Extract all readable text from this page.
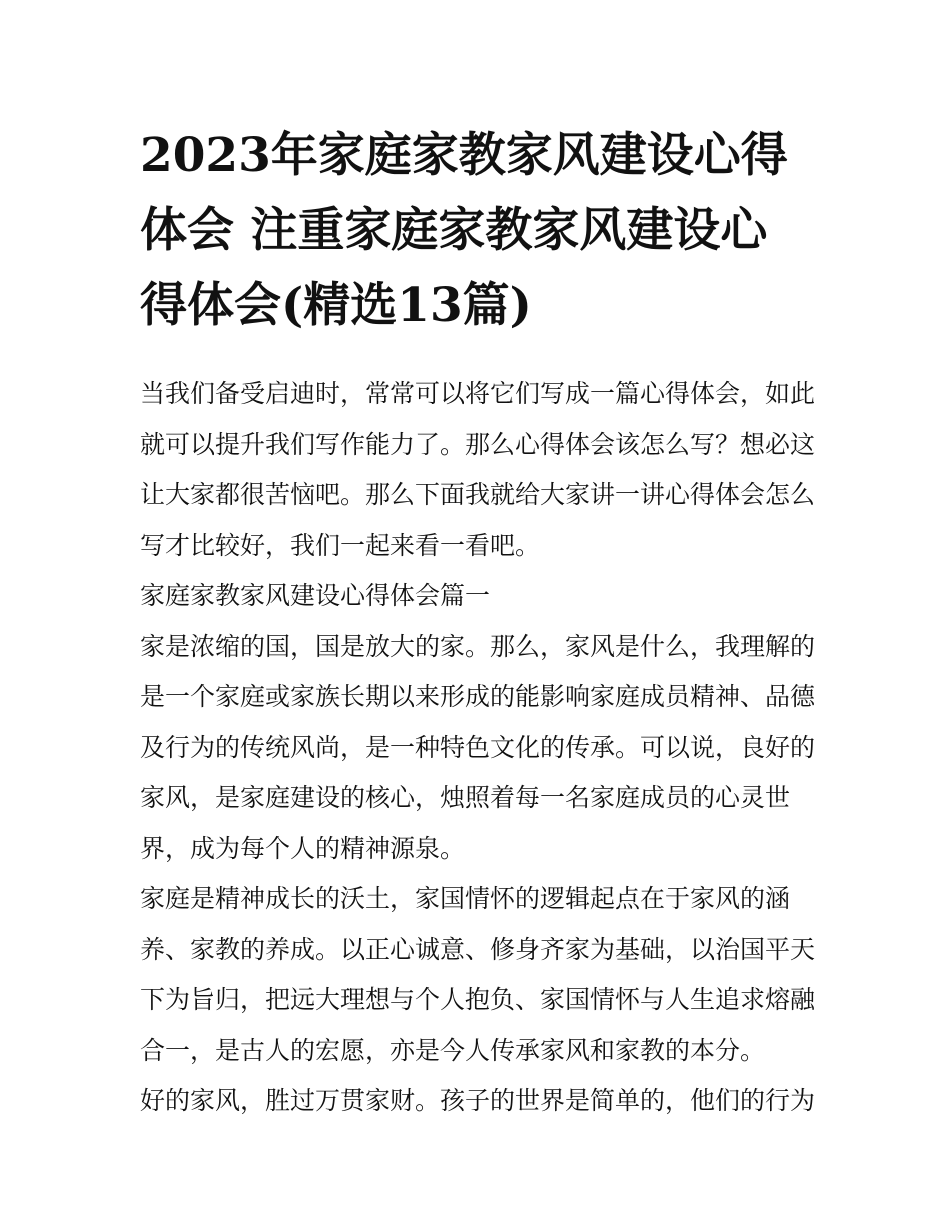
2023年家庭家教家风建设心得
体会 注重家庭家教家风建设心
得体会(精选13篇)

当我们备受启迪时，常常可以将它们写成一篇心得体会，如此
就可以提升我们写作能力了。那么心得体会该怎么写？想必这
让大家都很苦恼吧。那么下面我就给大家讲一讲心得体会怎么
写才比较好，我们一起来看一看吧。

家庭家教家风建设心得体会篇一

家是浓缩的国，国是放大的家。那么，家风是什么，我理解的
是一个家庭或家族长期以来形成的能影响家庭成员精神、品德
及行为的传统风尚，是一种特色文化的传承。可以说，良好的
家风，是家庭建设的核心，烛照着每一名家庭成员的心灵世
界，成为每个人的精神源泉。

家庭是精神成长的沃土，家国情怀的逻辑起点在于家风的涵
养、家教的养成。以正心诚意、修身齐家为基础，以治国平天
下为旨归，把远大理想与个人抱负、家国情怀与人生追求熔融
合一，是古人的宏愿，亦是今人传承家风和家教的本分。

好的家风，胜过万贯家财。孩子的世界是简单的，他们的行为
